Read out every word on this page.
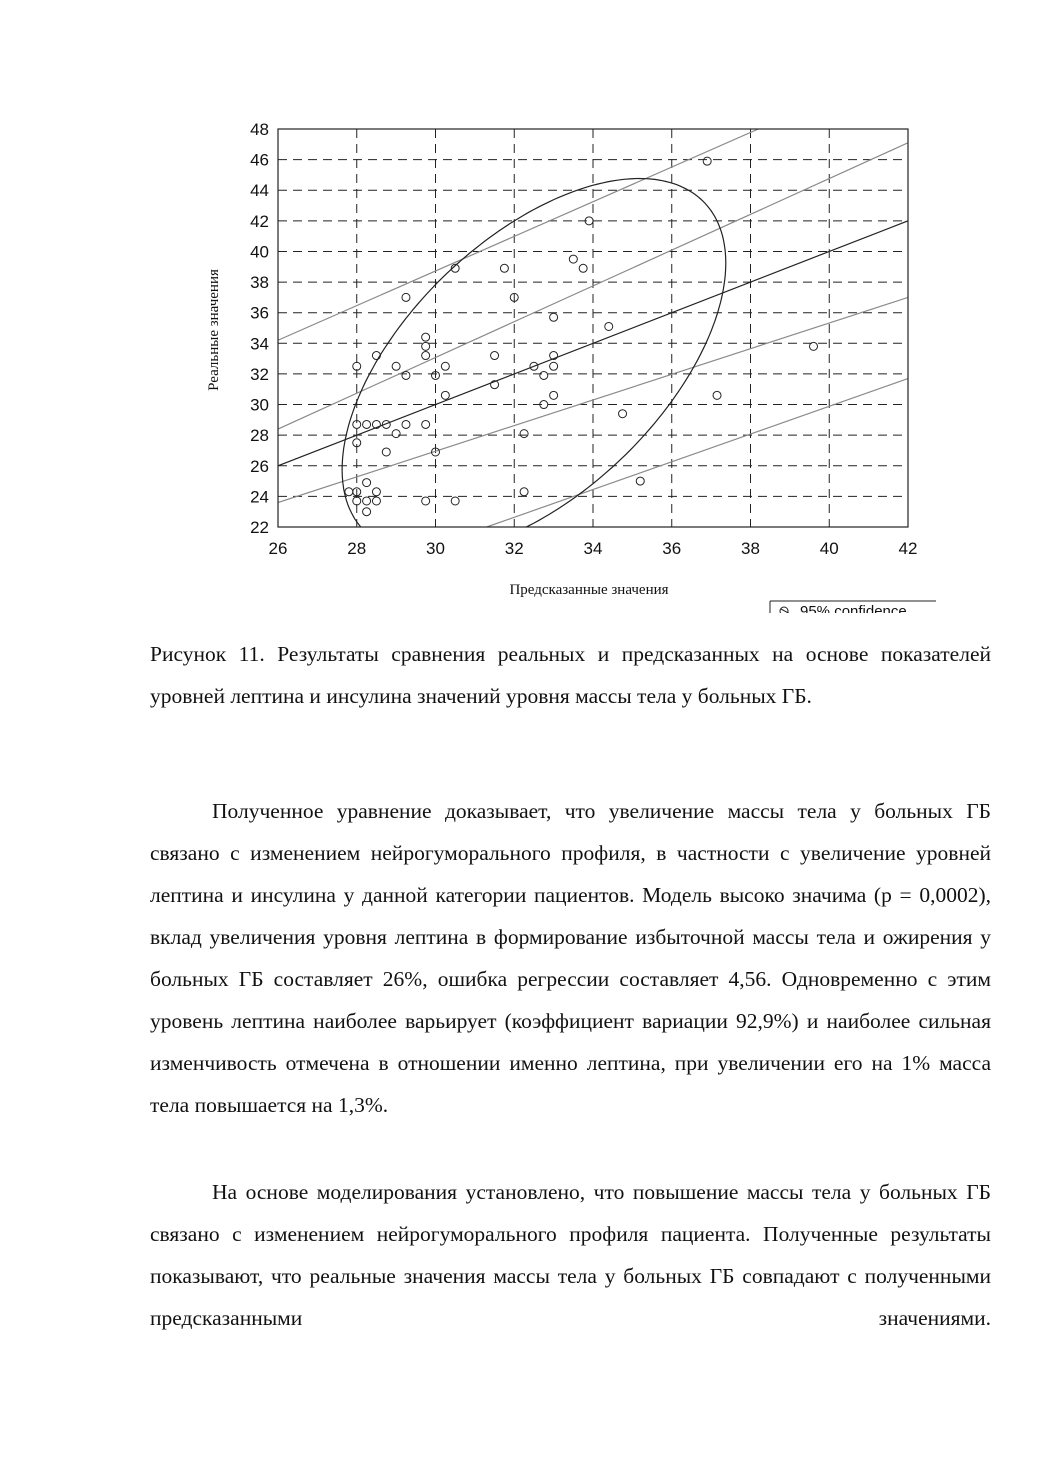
26	28	30	32	34	36	38	40	42
22
24
26
28
30
32
34
36
38
40
42
44
46
48
Предсказанные значения
Реальные значения
95% confidence

Рисунок 11. Результаты сравнения реальных и предсказанных на основе показателей уровней лептина и инсулина значений уровня массы тела у больных ГБ.

Полученное уравнение доказывает, что увеличение массы тела у больных ГБ связано с изменением нейрогуморального профиля, в частности с увеличение уровней лептина и инсулина у данной категории пациентов. Модель высоко значима (р = 0,0002), вклад увеличения уровня лептина в формирование избыточной массы тела и ожирения у больных ГБ составляет 26%, ошибка регрессии составляет 4,56. Одновременно с этим уровень лептина наиболее варьирует (коэффициент вариации 92,9%) и наиболее сильная изменчивость отмечена в отношении именно лептина, при увеличении его на 1% масса тела повышается на 1,3%.

На основе моделирования установлено, что повышение массы тела у больных ГБ связано с изменением нейрогуморального профиля пациента. Полученные результаты показывают, что реальные значения массы тела у больных ГБ совпадают с полученными предсказанными значениями.
